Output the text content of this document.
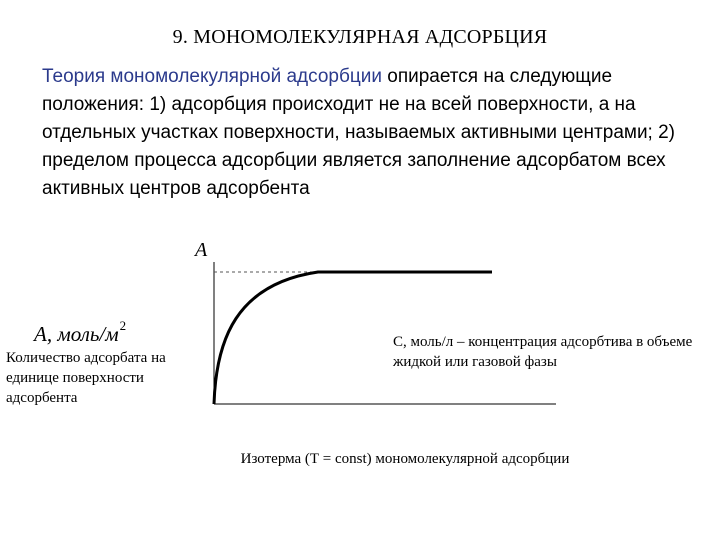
9. МОНОМОЛЕКУЛЯРНАЯ АДСОРБЦИЯ
Теория мономолекулярной адсорбции опирается на следующие положения: 1) адсорбция происходит не на всей поверхности, а на отдельных участках поверхности, называемых активными центрами; 2) пределом процесса адсорбции является заполнение адсорбатом всех активных центров адсорбента
А
А, моль/$м^2$
Количество адсорбата на единице поверхности адсорбента
С, моль/л – концентрация адсорбтива в объеме жидкой или газовой фазы
Изотерма (Т = const) мономолекулярной адсорбции
